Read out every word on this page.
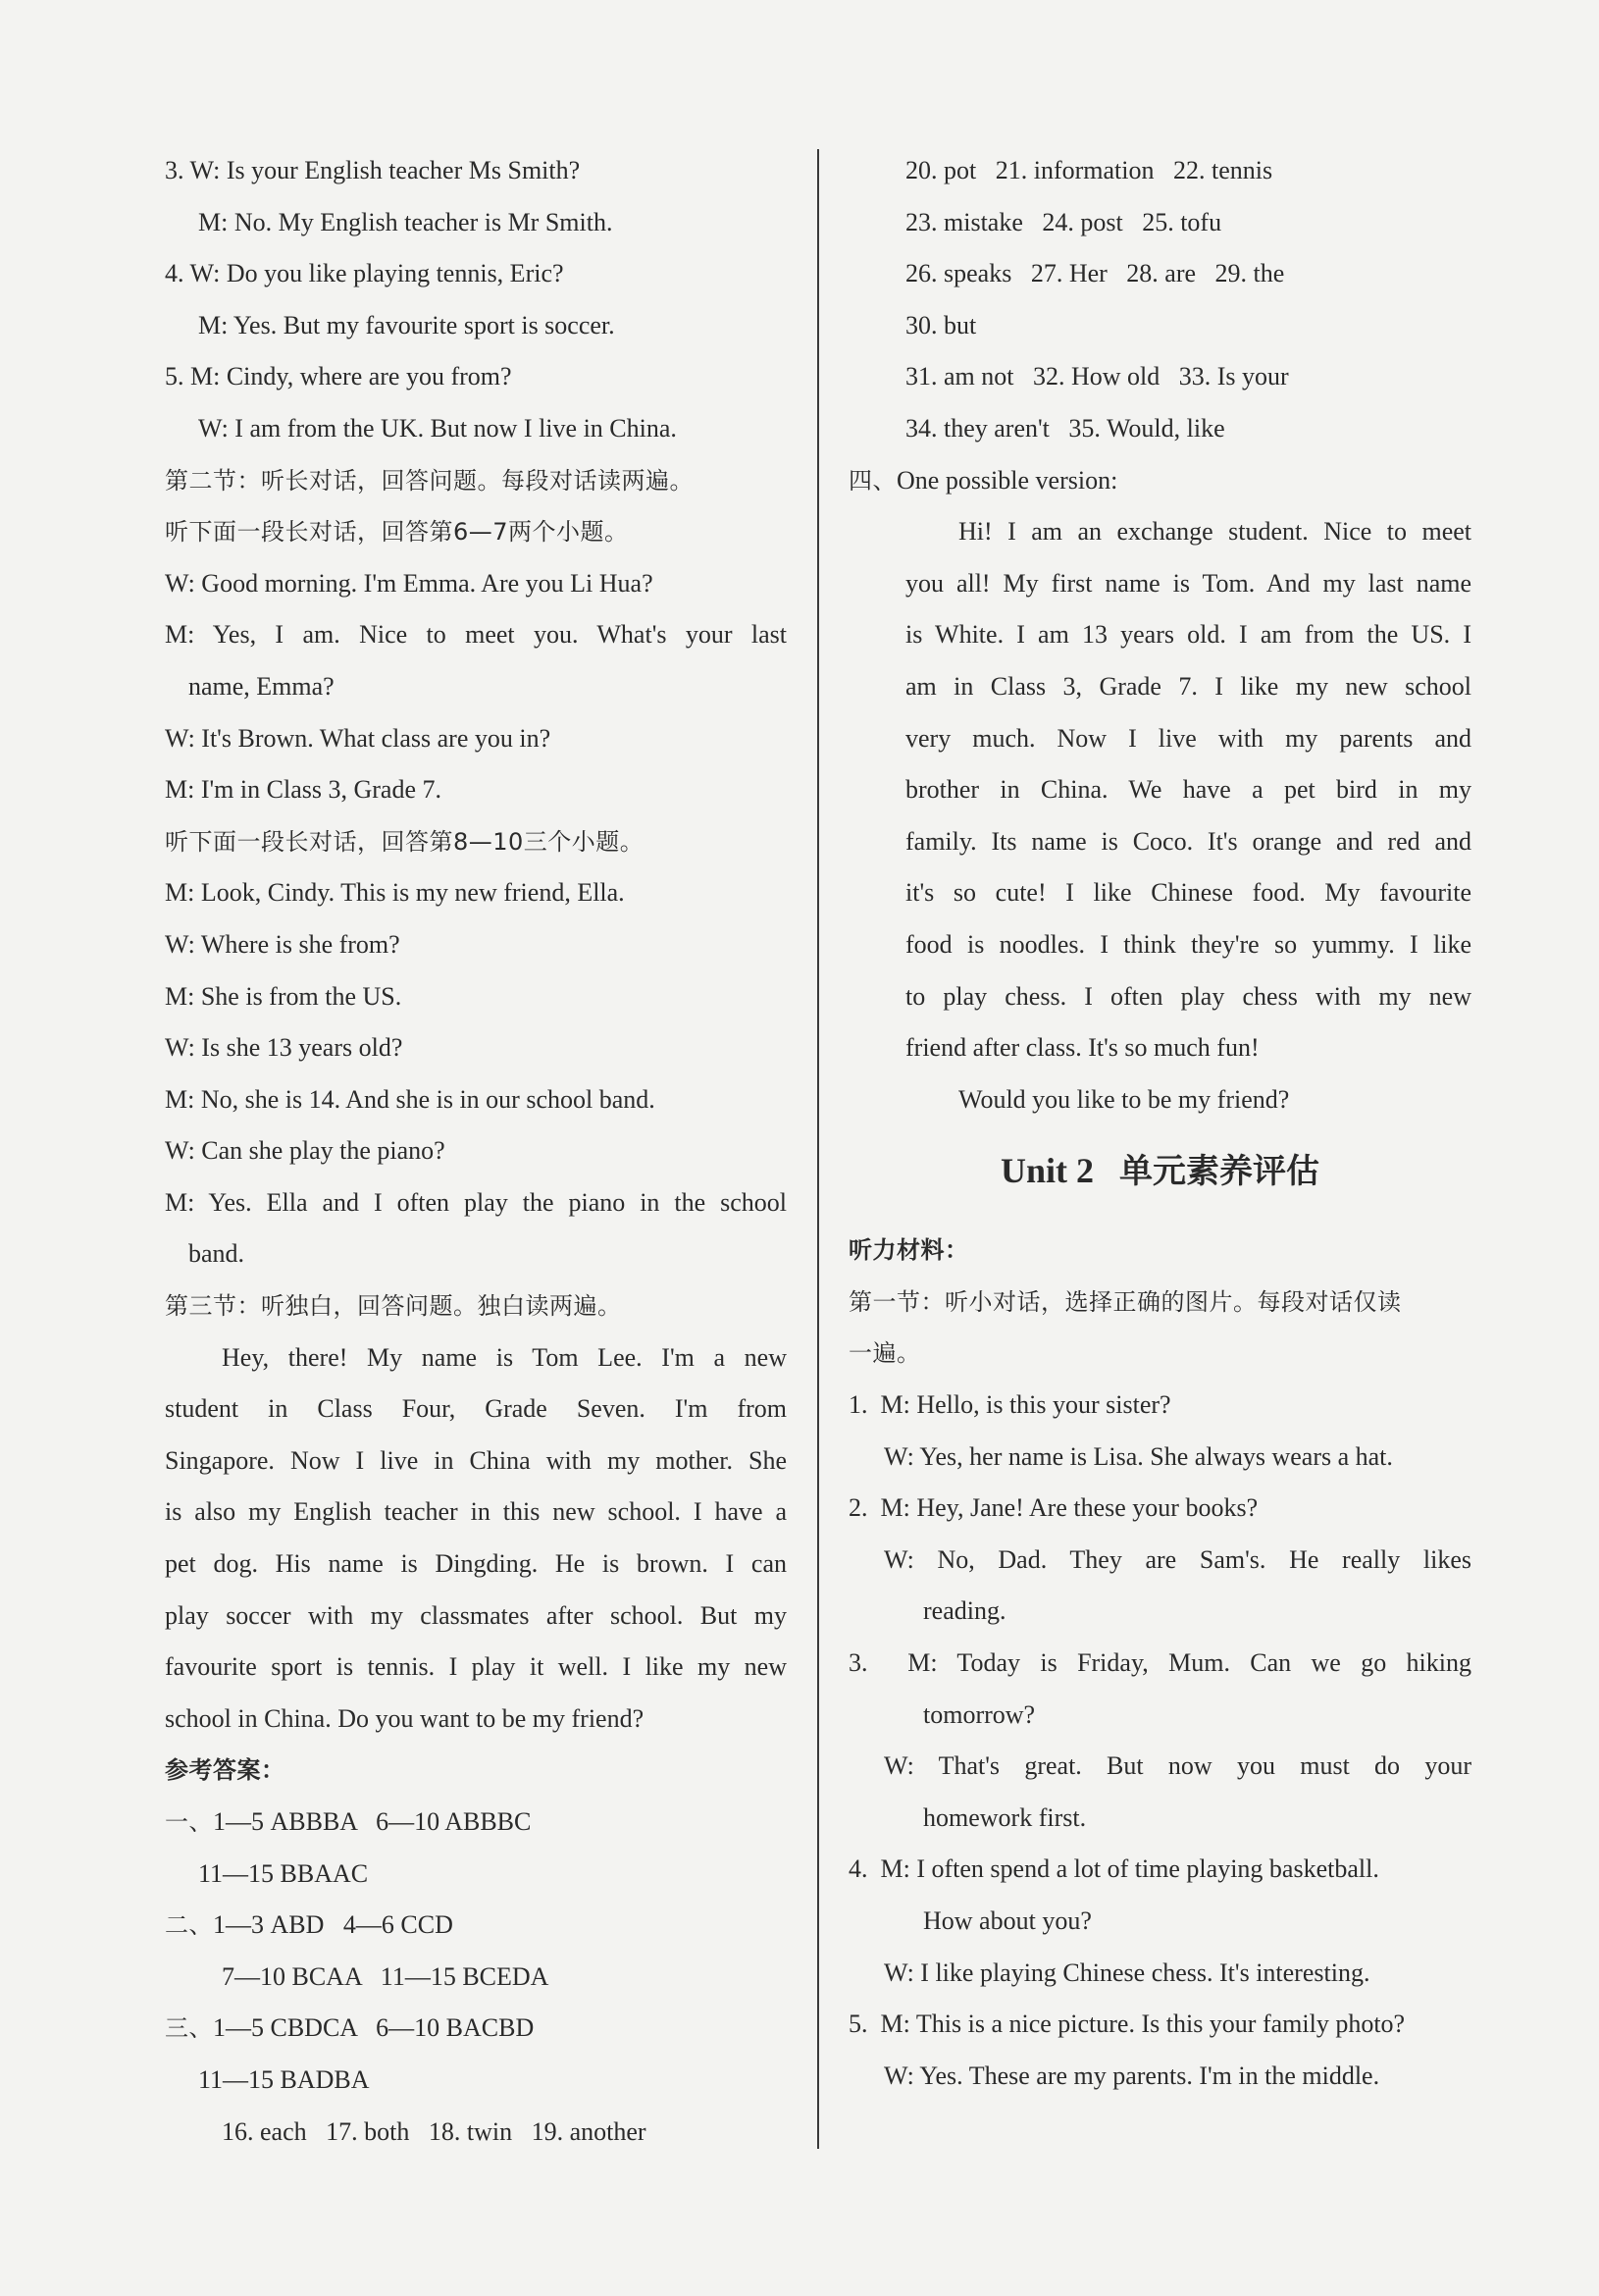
3. W: Is your English teacher Ms Smith?
M: No. My English teacher is Mr Smith.
4. W: Do you like playing tennis, Eric?
M: Yes. But my favourite sport is soccer.
5. M: Cindy, where are you from?
W: I am from the UK. But now I live in China.
第二节：听长对话，回答问题。每段对话读两遍。
听下面一段长对话，回答第6—7两个小题。
W: Good morning. I'm Emma. Are you Li Hua?
M: Yes, I am. Nice to meet you. What's your last
name, Emma?
W: It's Brown. What class are you in?
M: I'm in Class 3, Grade 7.
听下面一段长对话，回答第8—10三个小题。
M: Look, Cindy. This is my new friend, Ella.
W: Where is she from?
M: She is from the US.
W: Is she 13 years old?
M: No, she is 14. And she is in our school band.
W: Can she play the piano?
M: Yes. Ella and I often play the piano in the school
band.
第三节：听独白，回答问题。独白读两遍。
Hey, there! My name is Tom Lee. I'm a new
student in Class Four, Grade Seven. I'm from
Singapore. Now I live in China with my mother. She
is also my English teacher in this new school. I have a
pet dog. His name is Dingding. He is brown. I can
play soccer with my classmates after school. But my
favourite sport is tennis. I play it well. I like my new
school in China. Do you want to be my friend?
参考答案：
一、1—5 ABBBA   6—10 ABBBC
11—15 BBAAC
二、1—3 ABD   4—6 CCD
7—10 BCAA   11—15 BCEDA
三、1—5 CBDCA   6—10 BACBD
11—15 BADBA
16. each   17. both   18. twin   19. another
20. pot   21. information   22. tennis
23. mistake   24. post   25. tofu
26. speaks   27. Her   28. are   29. the
30. but
31. am not   32. How old   33. Is your
34. they aren't   35. Would, like
四、One possible version:
Hi! I am an exchange student. Nice to meet
you all! My first name is Tom. And my last name
is White. I am 13 years old. I am from the US. I
am in Class 3, Grade 7. I like my new school
very much. Now I live with my parents and
brother in China. We have a pet bird in my
family. Its name is Coco. It's orange and red and
it's so cute! I like Chinese food. My favourite
food is noodles. I think they're so yummy. I like
to play chess. I often play chess with my new
friend after class. It's so much fun!
Would you like to be my friend?
Unit 2 单元素养评估
听力材料：
第一节：听小对话，选择正确的图片。每段对话仅读
一遍。
1. M: Hello, is this your sister?
W: Yes, her name is Lisa. She always wears a hat.
2. M: Hey, Jane! Are these your books?
W: No, Dad. They are Sam's. He really likes
reading.
3. M: Today is Friday, Mum. Can we go hiking
tomorrow?
W: That's great. But now you must do your
homework first.
4. M: I often spend a lot of time playing basketball.
How about you?
W: I like playing Chinese chess. It's interesting.
5. M: This is a nice picture. Is this your family photo?
W: Yes. These are my parents. I'm in the middle.
